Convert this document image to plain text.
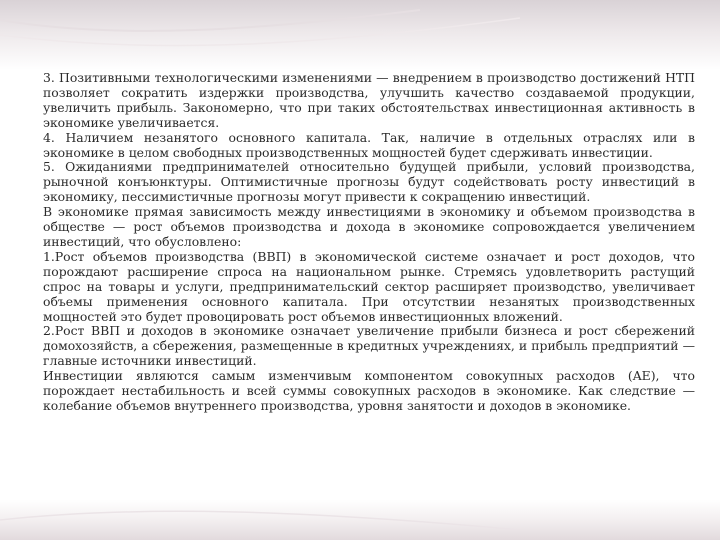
3. Позитивными технологическими изменениями — внедрением в производство достижений НТП позволяет сократить издержки производства, улучшить качество создаваемой продукции, увеличить прибыль. Закономерно, что при таких обстоятельствах инвестиционная активность в экономике увеличивается.

4. Наличием незанятого основного капитала. Так, наличие в отдельных отраслях или в экономике в целом свободных производственных мощностей будет сдерживать инвестиции.

5. Ожиданиями предпринимателей относительно будущей прибыли, условий производства, рыночной конъюнктуры. Оптимистичные прогнозы будут содействовать росту инвестиций в экономику, пессимистичные прогнозы могут привести к сокращению инвестиций.

В экономике прямая зависимость между инвестициями в экономику и объемом производства в обществе — рост объемов производства и дохода в экономике сопровождается увеличением инвестиций, что обусловлено:

1.Рост объемов производства (ВВП) в экономической системе означает и рост доходов, что порождают расширение спроса на национальном рынке. Стремясь удовлетворить растущий спрос на товары и услуги, предпринимательский сектор расширяет производство, увеличивает объемы применения основного капитала. При отсутствии незанятых производственных мощностей это будет провоцировать рост объемов инвестиционных вложений.

2.Рост ВВП и доходов в экономике означает увеличение прибыли бизнеса и рост сбережений домохозяйств, а сбережения, размещенные в кредитных учреждениях, и прибыль предприятий — главные источники инвестиций.

Инвестиции являются самым изменчивым компонентом совокупных расходов (AE), что порождает нестабильность и всей суммы совокупных расходов в экономике. Как следствие — колебание объемов внутреннего производства, уровня занятости и доходов в экономике.
